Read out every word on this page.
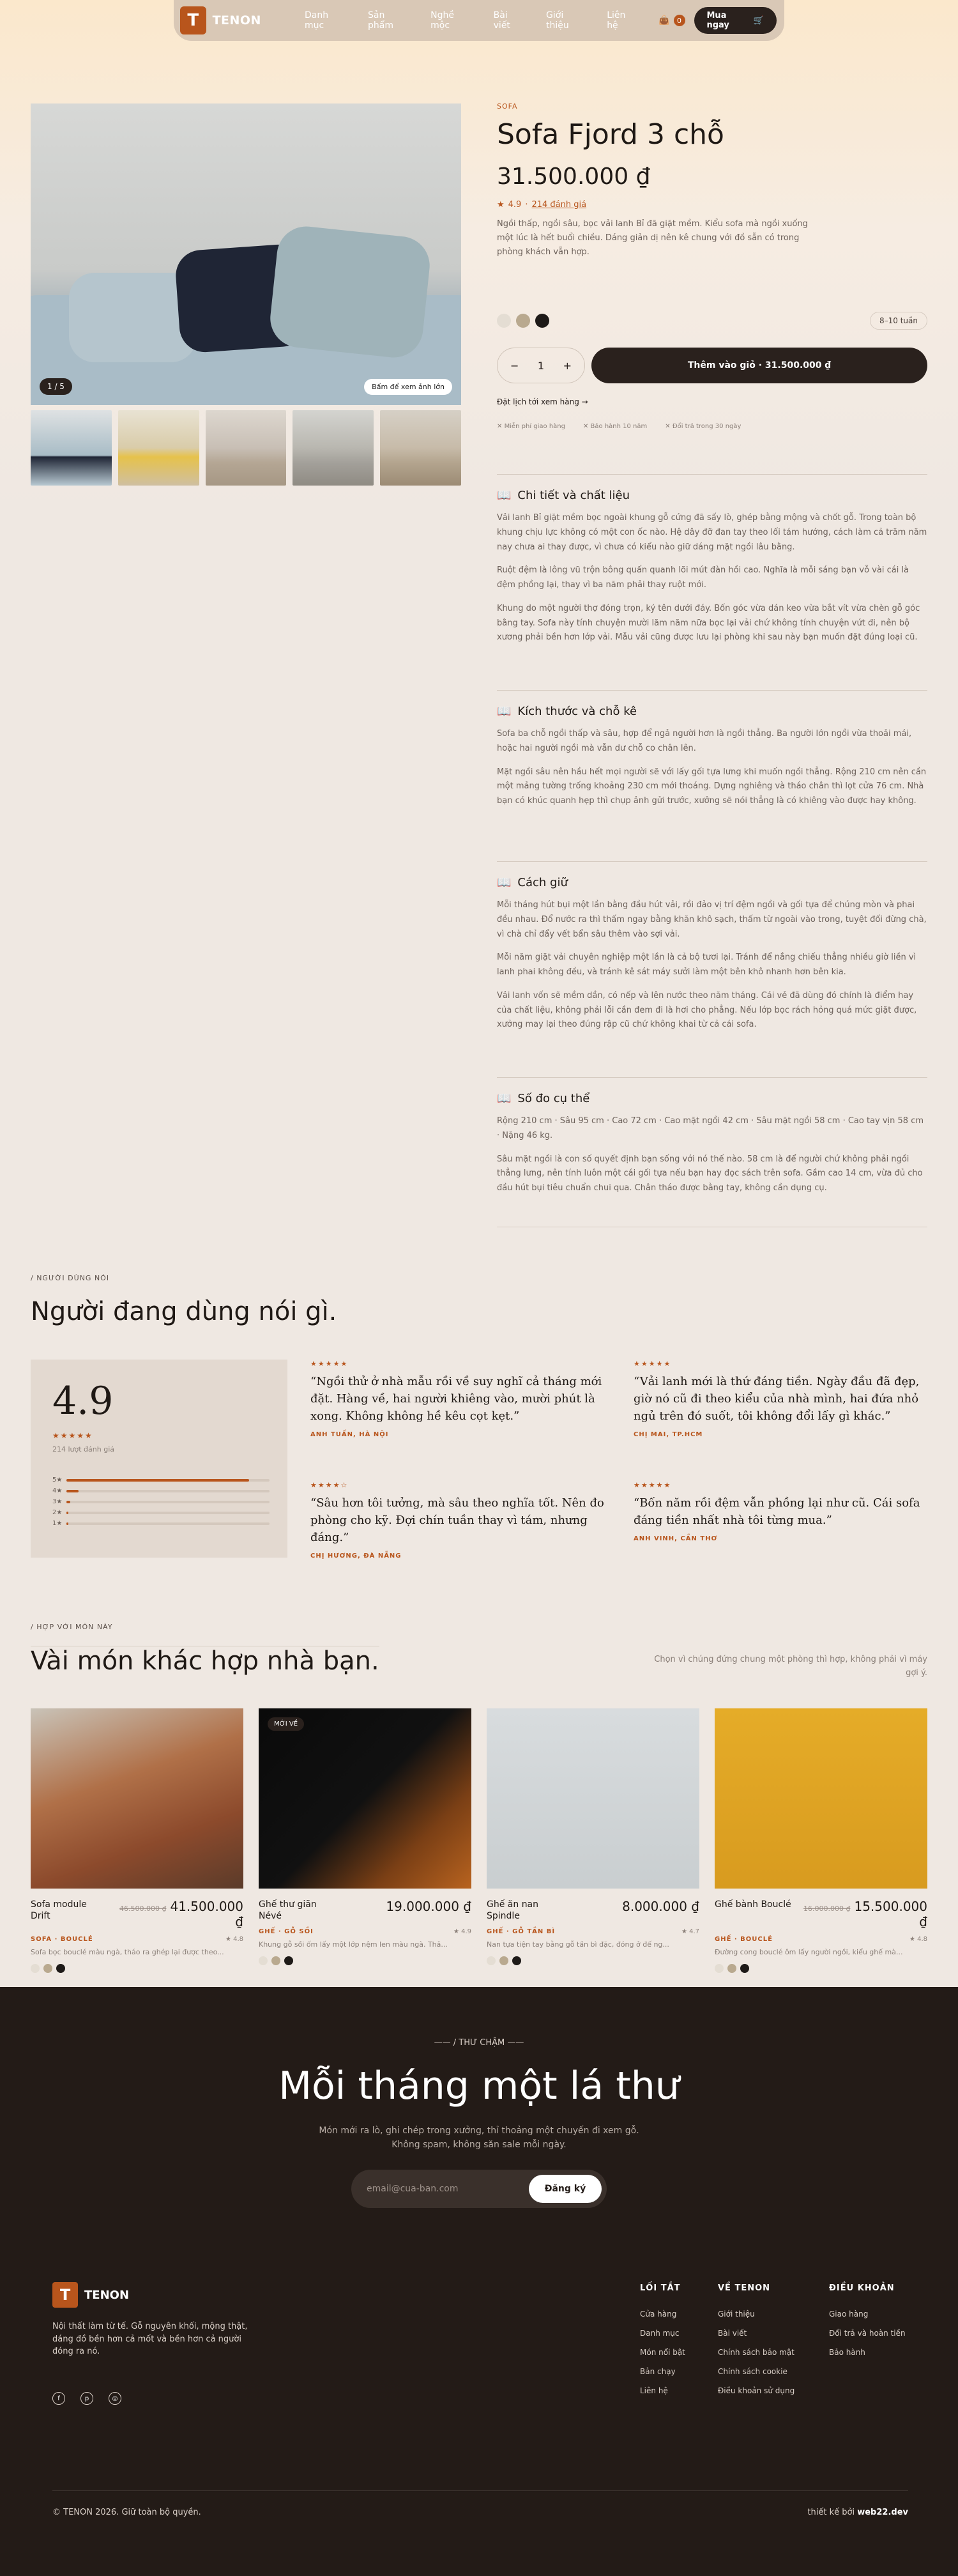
T	TENON	Danh mục
Sản phẩm
Nghề mộc
Bài viết
Giới thiệu
Liên hệ	👜	0	Mua ngay	🛒
1 / 5	Bấm để xem ảnh lớn
SOFA
Sofa Fjord 3 chỗ
31.500.000 ₫
★ 4.9 · 214 đánh giá

Ngồi thấp, ngồi sâu, bọc vải lanh Bỉ đã giặt mềm. Kiểu sofa mà ngồi xuống một lúc là hết buổi chiều. Dáng giản dị nên kê chung với đồ sẵn có trong phòng khách vẫn hợp.

8–10 tuần
− 1 +	Thêm vào giỏ · 31.500.000 ₫
Đặt lịch tới xem hàng →
✕ Miễn phí giao hàng	✕ Bảo hành 10 năm	✕ Đổi trả trong 30 ngày
📖 Chi tiết và chất liệu

Vải lanh Bỉ giặt mềm bọc ngoài khung gỗ cứng đã sấy lò, ghép bằng mộng và chốt gỗ. Trong toàn bộ khung chịu lực không có một con ốc nào. Hệ dây đỡ đan tay theo lối tám hướng, cách làm cả trăm năm nay chưa ai thay được, vì chưa có kiểu nào giữ dáng mặt ngồi lâu bằng.

Ruột đệm là lông vũ trộn bông quấn quanh lõi mút đàn hồi cao. Nghĩa là mỗi sáng bạn vỗ vài cái là đệm phồng lại, thay vì ba năm phải thay ruột mới.

Khung do một người thợ đóng trọn, ký tên dưới đáy. Bốn góc vừa dán keo vừa bắt vít vừa chèn gỗ góc bằng tay. Sofa này tính chuyện mười lăm năm nữa bọc lại vải chứ không tính chuyện vứt đi, nên bộ xương phải bền hơn lớp vải. Mẫu vải cũng được lưu lại phòng khi sau này bạn muốn đặt đúng loại cũ.

📖 Kích thước và chỗ kê

Sofa ba chỗ ngồi thấp và sâu, hợp để ngả người hơn là ngồi thẳng. Ba người lớn ngồi vừa thoải mái, hoặc hai người ngồi mà vẫn dư chỗ co chân lên.

Mặt ngồi sâu nên hầu hết mọi người sẽ với lấy gối tựa lưng khi muốn ngồi thẳng. Rộng 210 cm nên cần một mảng tường trống khoảng 230 cm mới thoáng. Dựng nghiêng và tháo chân thì lọt cửa 76 cm. Nhà bạn có khúc quanh hẹp thì chụp ảnh gửi trước, xưởng sẽ nói thẳng là có khiêng vào được hay không.

📖 Cách giữ

Mỗi tháng hút bụi một lần bằng đầu hút vải, rồi đảo vị trí đệm ngồi và gối tựa để chúng mòn và phai đều nhau. Đổ nước ra thì thấm ngay bằng khăn khô sạch, thấm từ ngoài vào trong, tuyệt đối đừng chà, vì chà chỉ đẩy vết bẩn sâu thêm vào sợi vải.

Mỗi năm giặt vải chuyên nghiệp một lần là cả bộ tươi lại. Tránh để nắng chiếu thẳng nhiều giờ liền vì lanh phai không đều, và tránh kê sát máy sưởi làm một bên khô nhanh hơn bên kia.

Vải lanh vốn sẽ mềm dần, có nếp và lên nước theo năm tháng. Cái vẻ đã dùng đó chính là điểm hay của chất liệu, không phải lỗi cần đem đi là hơi cho phẳng. Nếu lớp bọc rách hỏng quá mức giặt được, xưởng may lại theo đúng rập cũ chứ không khai từ cả cái sofa.

📖 Số đo cụ thể

Rộng 210 cm · Sâu 95 cm · Cao 72 cm · Cao mặt ngồi 42 cm · Sâu mặt ngồi 58 cm · Cao tay vịn 58 cm · Nặng 46 kg.

Sâu mặt ngồi là con số quyết định bạn sống với nó thế nào. 58 cm là để người chứ không phải ngồi thẳng lưng, nên tính luôn một cái gối tựa nếu bạn hay đọc sách trên sofa. Gầm cao 14 cm, vừa đủ cho đầu hút bụi tiêu chuẩn chui qua. Chân tháo được bằng tay, không cần dụng cụ.

/ NGƯỜI DÙNG NÓI
Người đang dùng nói gì.
4.9
★★★★★
214 lượt đánh giá
5★
4★
3★
2★
1★
★★★★★
“Ngồi thử ở nhà mẫu rồi về suy nghĩ cả tháng mới đặt. Hàng về, hai người khiêng vào, mười phút là xong. Không không hề kêu cọt kẹt.”
ANH TUẤN, HÀ NỘI
★★★★★
“Vải lanh mới là thứ đáng tiền. Ngày đầu đã đẹp, giờ nó cũ đi theo kiểu của nhà mình, hai đứa nhỏ ngủ trên đó suốt, tôi không đổi lấy gì khác.”
CHỊ MAI, TP.HCM
★★★★☆
“Sâu hơn tôi tưởng, mà sâu theo nghĩa tốt. Nên đo phòng cho kỹ. Đợi chín tuần thay vì tám, nhưng đáng.”
CHỊ HƯƠNG, ĐÀ NẴNG
★★★★★
“Bốn năm rồi đệm vẫn phồng lại như cũ. Cái sofa đáng tiền nhất nhà tôi từng mua.”
ANH VINH, CẦN THƠ
/ HỢP VỚI MÓN NÀY
Vài món khác hợp nhà bạn.	Chọn vì chúng đứng chung một phòng thì hợp, không phải vì máy gợi ý.
Sofa module Drift
46.500.000 ₫ 41.500.000 ₫
SOFA · BOUCLÉ	★ 4.8
Sofa bọc bouclé màu ngà, tháo ra ghép lại được theo...
MỚI VỀ
Ghế thư giãn Névé
19.000.000 ₫
GHẾ · GỖ SỒI	★ 4.9
Khung gỗ sồi ốm lấy một lớp nệm len màu ngà. Thả...
Ghế ăn nan Spindle
8.000.000 ₫
GHẾ · GỖ TẦN BÌ	★ 4.7
Nan tựa tiện tay bằng gỗ tần bì đặc, đóng ở đế ng...
Ghế bành Bouclé	16.000.000 ₫ 15.500.000 ₫
GHẾ · BOUCLÉ	★ 4.8
Đường cong bouclé ôm lấy người ngồi, kiểu ghế mà...
—— / THƯ CHẬM ——
Mỗi tháng một lá thư
Món mới ra lò, ghi chép trong xưởng, thỉ thoảng một chuyến đi xem gỗ.
Không spam, không săn sale mỗi ngày.
email@cua-ban.com	Đăng ký
T	TENON
Nội thất làm từ tế. Gỗ nguyên khối, mộng thật, dáng đồ bền hơn cả mốt và bền hơn cả người đóng ra nó.
f	p	◎
LỐI TẮT
Cửa hàng
Danh mục
Món nổi bật
Bản chạy
Liên hệ
VỀ TENON
Giới thiệu
Bài viết
Chính sách bảo mật
Chính sách cookie
Điều khoản sử dụng
ĐIỀU KHOẢN
Giao hàng
Đổi trả và hoàn tiền
Bảo hành
© TENON 2026. Giữ toàn bộ quyền.	thiết kế bởi web22.dev
